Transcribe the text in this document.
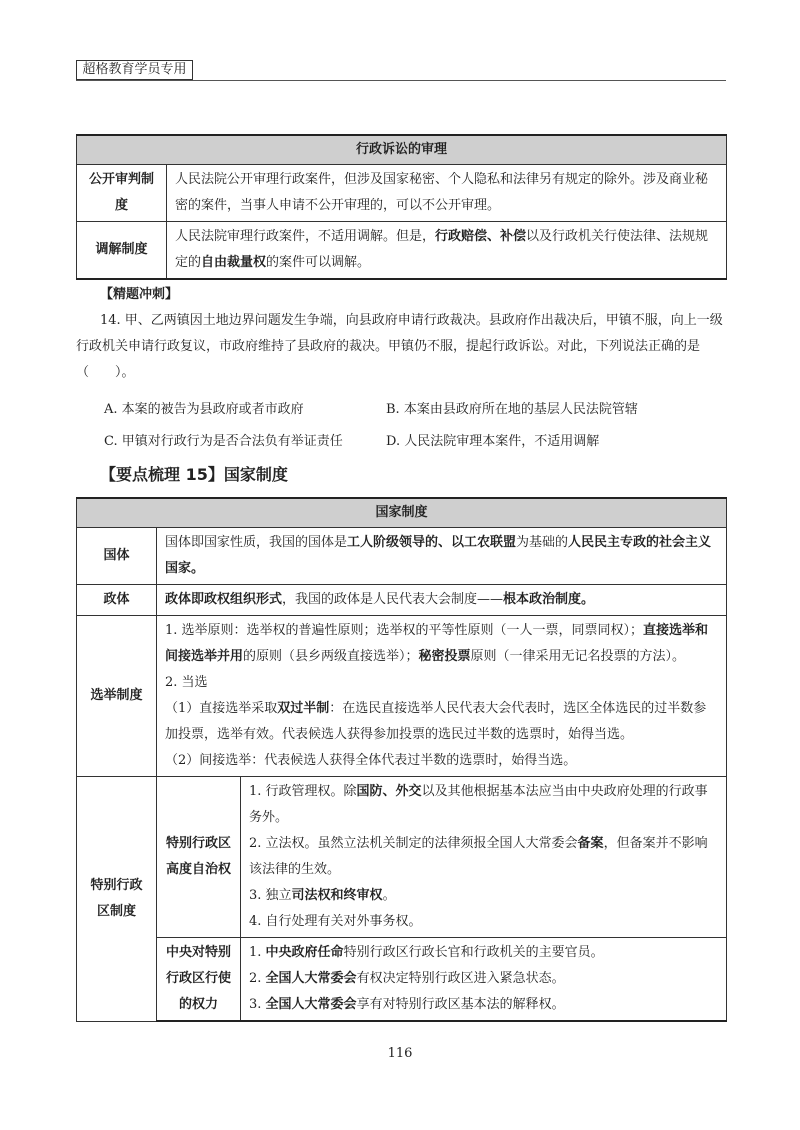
超格教育学员专用
行政诉讼的审理	
公开审判制度	人民法院公开审理行政案件，但涉及国家秘密、个人隐私和法律另有规定的除外。涉及商业秘密的案件，当事人申请不公开审理的，可以不公开审理。
调解制度	人民法院审理行政案件，不适用调解。但是，行政赔偿、补偿以及行政机关行使法律、法规规定的自由裁量权的案件可以调解。
【精题冲刺】
14. 甲、乙两镇因土地边界问题发生争端，向县政府申请行政裁决。县政府作出裁决后，甲镇不服，向上一级行政机关申请行政复议，市政府维持了县政府的裁决。甲镇仍不服，提起行政诉讼。对此，下列说法正确的是（　　）。
A. 本案的被告为县政府或者市政府	B. 本案由县政府所在地的基层人民法院管辖
C. 甲镇对行政行为是否合法负有举证责任	D. 人民法院审理本案件，不适用调解
【要点梳理 15】国家制度
国家制度		
国体	国体即国家性质，我国的国体是工人阶级领导的、以工农联盟为基础的人民民主专政的社会主义国家。	
政体	政体即政权组织形式，我国的政体是人民代表大会制度——根本政治制度。	
选举制度	1. 选举原则：选举权的普遍性原则；选举权的平等性原则（一人一票，同票同权）；直接选举和间接选举并用的原则（县乡两级直接选举）；秘密投票原则（一律采用无记名投票的方法）。
2. 当选
（1）直接选举采取双过半制：在选民直接选举人民代表大会代表时，选区全体选民的过半数参加投票，选举有效。代表候选人获得参加投票的选民过半数的选票时，始得当选。
（2）间接选举：代表候选人获得全体代表过半数的选票时，始得当选。	

特别行政区制度	特别行政区高度自治权	1. 行政管理权。除国防、外交以及其他根据基本法应当由中央政府处理的行政事务外。
2. 立法权。虽然立法机关制定的法律须报全国人大常委会备案，但备案并不影响该法律的生效。
3. 独立司法权和终审权。
4. 自行处理有关对外事务权。

	中央对特别行政区行使的权力	1. 中央政府任命特别行政区行政长官和行政机关的主要官员。
2. 全国人大常委会有权决定特别行政区进入紧急状态。
3. 全国人大常委会享有对特别行政区基本法的解释权。
116
